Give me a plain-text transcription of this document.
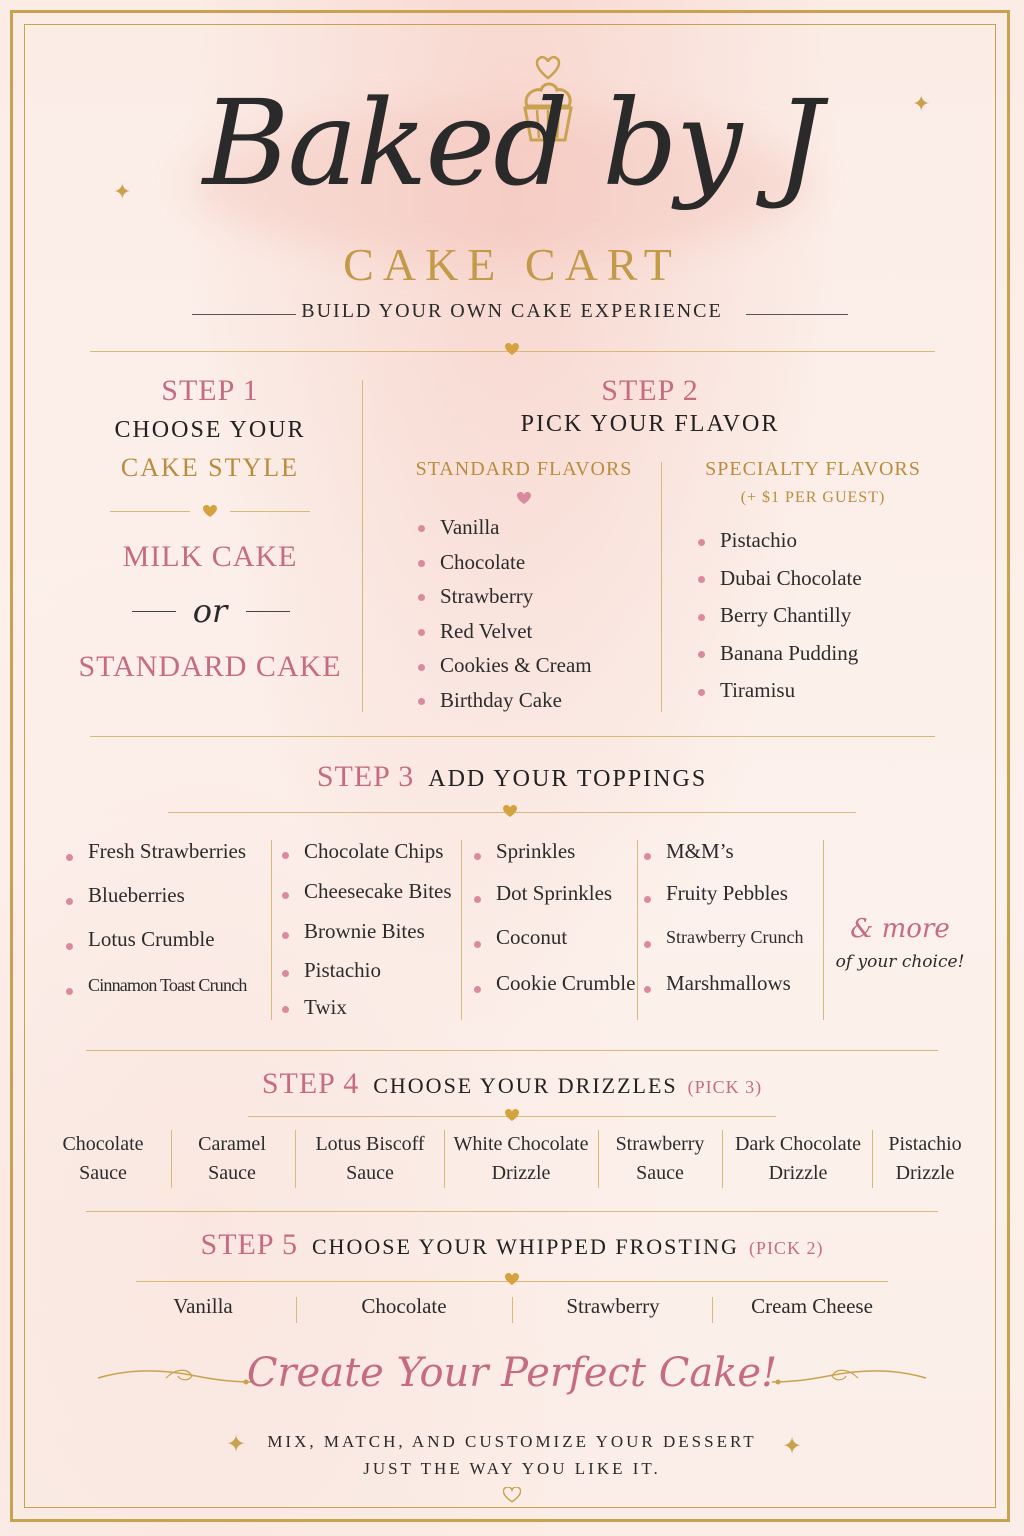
✦
✦
✦	✦
Baked by J
CAKE CART
BUILD YOUR OWN CAKE EXPERIENCE
STEP 1
CHOOSE YOUR
CAKE STYLE
MILK CAKE
or
STANDARD CAKE
STEP 2
PICK YOUR FLAVOR
STANDARD FLAVORS
Vanilla
Chocolate
Strawberry
Red Velvet
Cookies & Cream
Birthday Cake
SPECIALTY FLAVORS
(+ $1 PER GUEST)
Pistachio
Dubai Chocolate
Berry Chantilly
Banana Pudding
Tiramisu
STEP 3 ADD YOUR TOPPINGS
Fresh Strawberries
Blueberries
Lotus Crumble
Cinnamon Toast Crunch
Chocolate Chips
Cheesecake Bites
Brownie Bites
Pistachio
Twix
Sprinkles
Dot Sprinkles
Coconut
Cookie Crumble
M&M’s
Fruity Pebbles
Strawberry Crunch
Marshmallows
& more
of your choice!
STEP 4 CHOOSE YOUR DRIZZLES (PICK 3)
Chocolate
Sauce
Caramel
Sauce
Lotus Biscoff
Sauce
White Chocolate
Drizzle
Strawberry
Sauce
Dark Chocolate
Drizzle
Pistachio
Drizzle
STEP 5 CHOOSE YOUR WHIPPED FROSTING (PICK 2)
Vanilla	Chocolate	Strawberry	Cream Cheese
Create Your Perfect Cake!
MIX, MATCH, AND CUSTOMIZE YOUR DESSERT
JUST THE WAY YOU LIKE IT.
